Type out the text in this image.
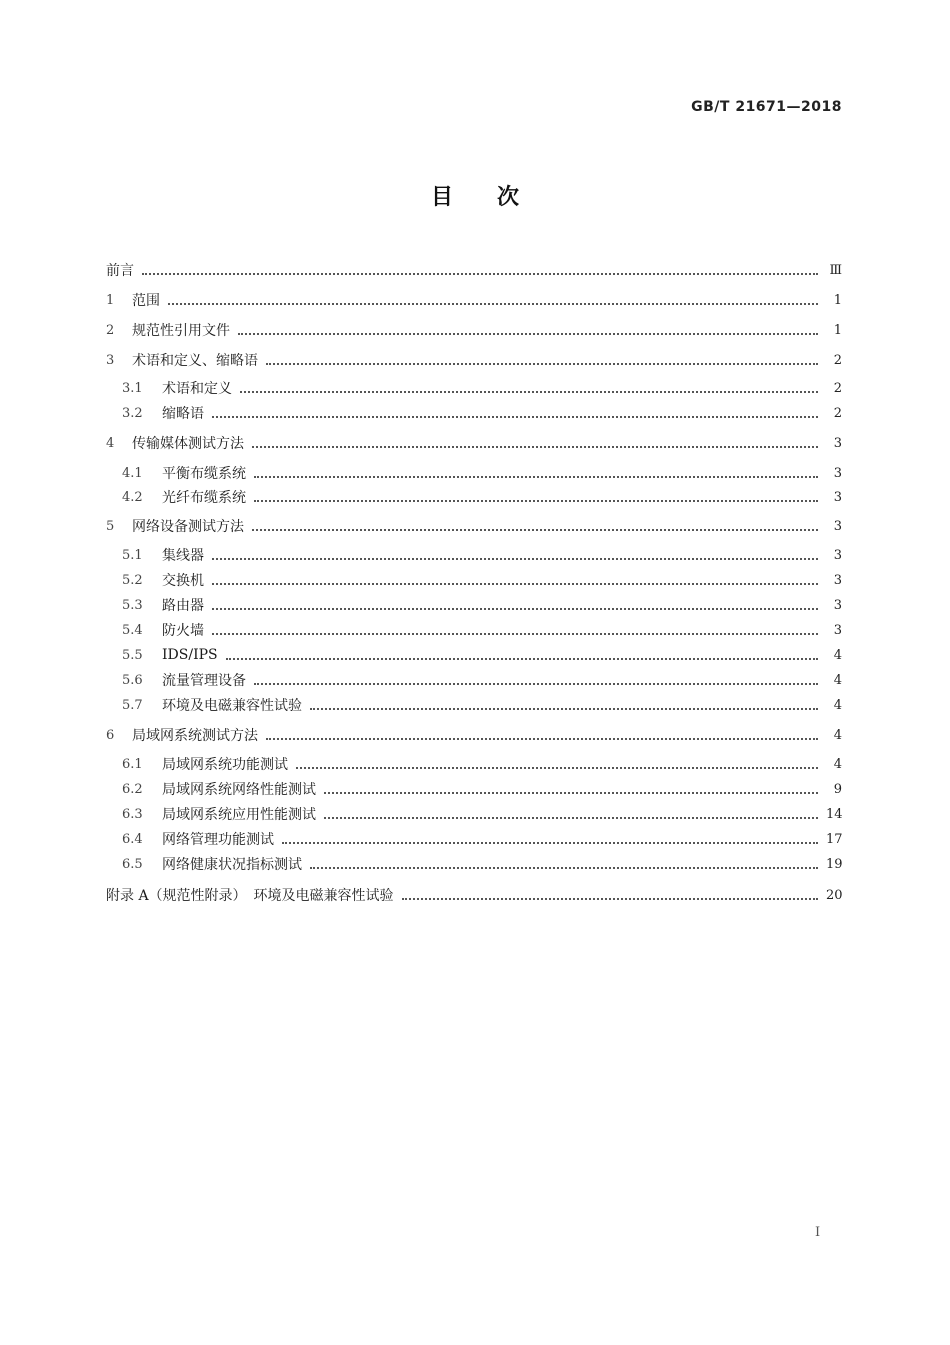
GB/T 21671—2018
目　　次
前言	Ⅲ
1	范围	1
2	规范性引用文件	1
3	术语和定义、缩略语	2
3.1	术语和定义	2
3.2	缩略语	2
4	传输媒体测试方法	3
4.1	平衡布缆系统	3
4.2	光纤布缆系统	3
5	网络设备测试方法	3
5.1	集线器	3
5.2	交换机	3
5.3	路由器	3
5.4	防火墙	3
5.5	IDS/IPS	4
5.6	流量管理设备	4
5.7	环境及电磁兼容性试验	4
6	局域网系统测试方法	4
6.1	局域网系统功能测试	4
6.2	局域网系统网络性能测试	9
6.3	局域网系统应用性能测试	14
6.4	网络管理功能测试	17
6.5	网络健康状况指标测试	19
附录 A（规范性附录）　环境及电磁兼容性试验	20
I
